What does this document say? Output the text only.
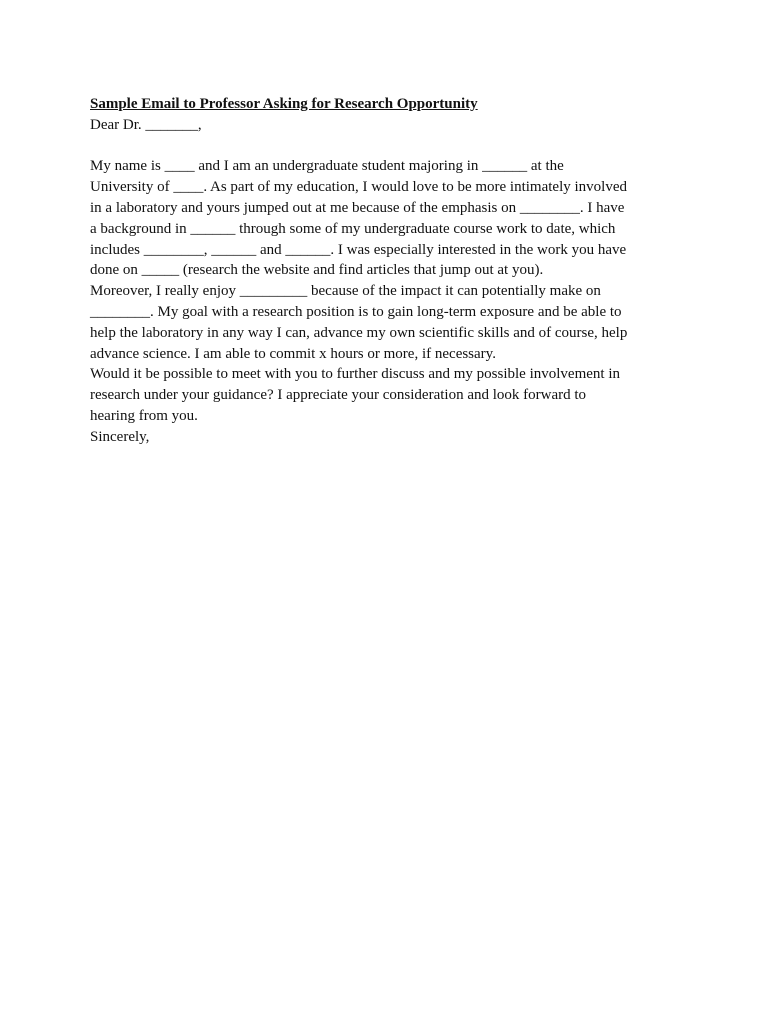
Sample Email to Professor Asking for Research Opportunity
Dear Dr. _______,
My name is ____ and I am an undergraduate student majoring in ______ at the
University of ____. As part of my education, I would love to be more intimately involved
in a laboratory and yours jumped out at me because of the emphasis on ________. I have
a background in ______ through some of my undergraduate course work to date, which
includes ________, ______ and ______. I was especially interested in the work you have
done on _____ (research the website and find articles that jump out at you).
Moreover, I really enjoy _________ because of the impact it can potentially make on
________. My goal with a research position is to gain long-term exposure and be able to
help the laboratory in any way I can, advance my own scientific skills and of course, help
advance science. I am able to commit x hours or more, if necessary.
Would it be possible to meet with you to further discuss and my possible involvement in
research under your guidance? I appreciate your consideration and look forward to
hearing from you.
Sincerely,
